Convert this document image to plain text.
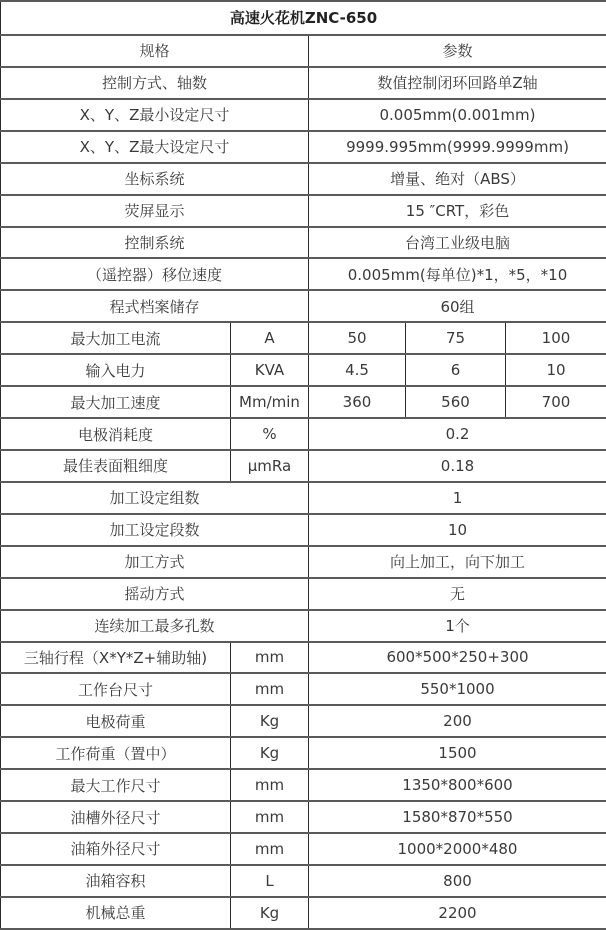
高速火花机ZNC-650				
规格		参数		
控制方式、轴数		数值控制闭环回路单Z轴		
X、Y、Z最小设定尺寸		0.005mm(0.001mm)		
X、Y、Z最大设定尺寸		9999.995mm(9999.9999mm)		
坐标系统		增量、绝对（ABS）		
荧屏显示		15 ″CRT，彩色		
控制系统		台湾工业级电脑		
（遥控器）移位速度		0.005mm(每单位)*1，*5，*10		
程式档案储存		60组		
最大加工电流	A	50	75	100
输入电力	KVA	4.5	6	10
最大加工速度	Mm/min	360	560	700
电极消耗度	%	0.2		
最佳表面粗细度	μmRa	0.18		
加工设定组数		1		
加工设定段数		10		
加工方式		向上加工，向下加工		
摇动方式		无		
连续加工最多孔数		1个		
三轴行程（X*Y*Z+辅助轴)	mm	600*500*250+300		
工作台尺寸	mm	550*1000		
电极荷重	Kg	200		
工作荷重（置中）	Kg	1500		
最大工作尺寸	mm	1350*800*600		
油槽外径尺寸	mm	1580*870*550		
油箱外径尺寸	mm	1000*2000*480		
油箱容积	L	800		
机械总重	Kg	2200		
